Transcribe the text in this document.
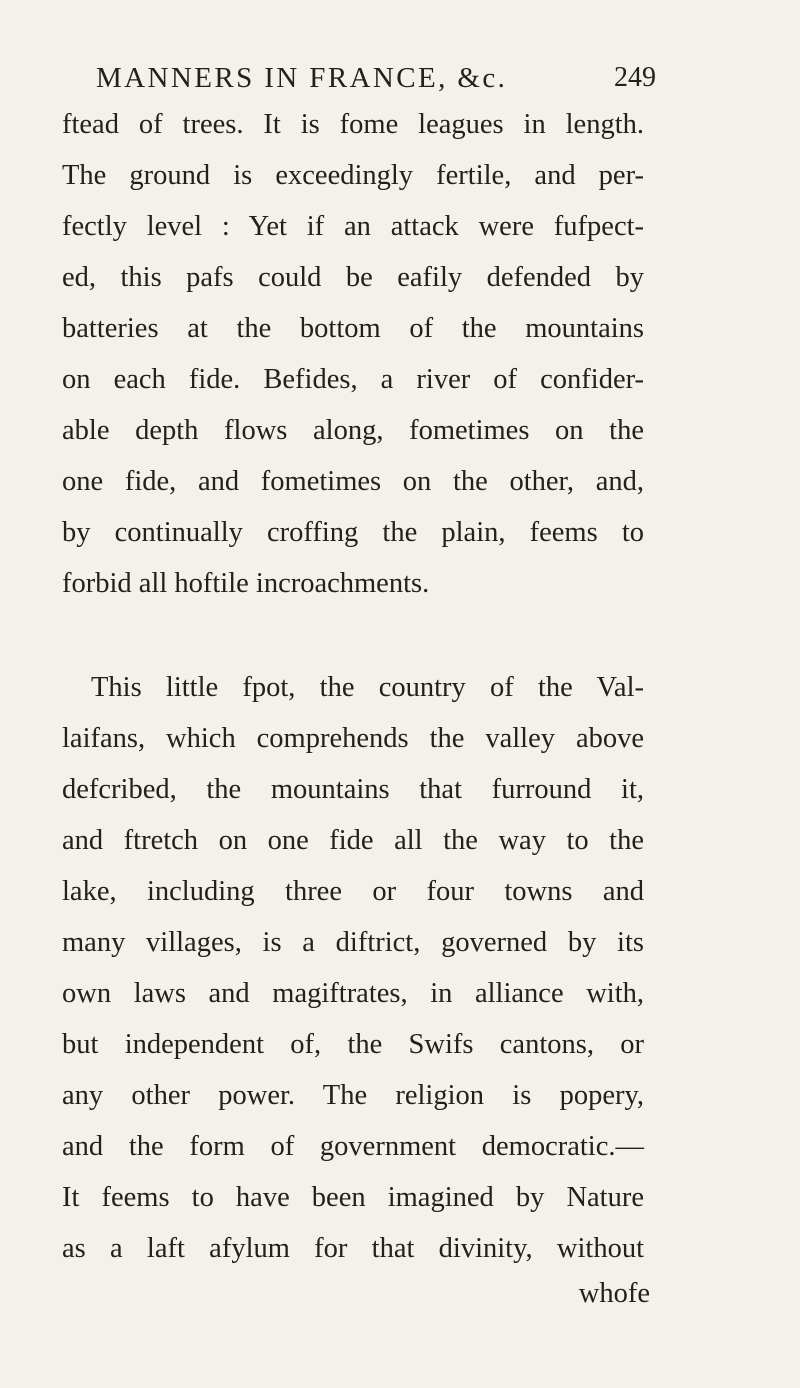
MANNERS IN FRANCE, &c.	249
ftead of trees. It is fome leagues in length.
The ground is exceedingly fertile, and per-
fectly level : Yet if an attack were fufpect-
ed, this pafs could be eafily defended by
batteries at the bottom of the mountains
on each fide. Befides, a river of confider-
able depth flows along, fometimes on the
one fide, and fometimes on the other, and,
by continually croffing the plain, feems to
forbid all hoftile incroachments.
This little fpot, the country of the Val-
laifans, which comprehends the valley above
defcribed, the mountains that furround it,
and ftretch on one fide all the way to the
lake, including three or four towns and
many villages, is a diftrict, governed by its
own laws and magiftrates, in alliance with,
but independent of, the Swifs cantons, or
any other power. The religion is popery,
and the form of government democratic.—
It feems to have been imagined by Nature
as a laft afylum for that divinity, without
whofe
